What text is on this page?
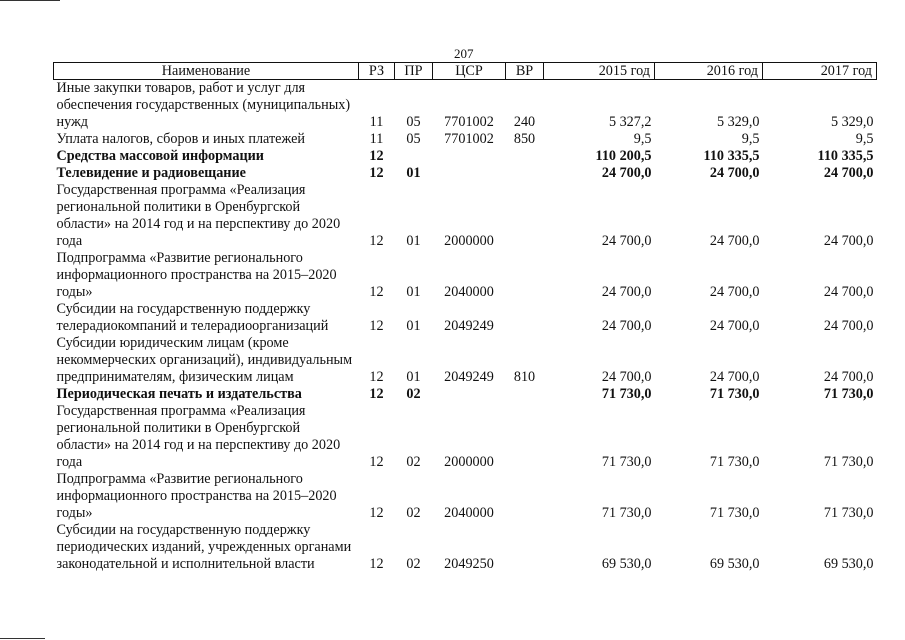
207
Наименование	РЗ	ПР	ЦСР	ВР	2015 год	2016 год	2017 год
Иные закупки товаров, работ и услуг для обеспечения государственных (муниципальных) нужд	11	05	7701002	240	5 327,2	5 329,0	5 329,0
Уплата налогов, сборов и иных платежей	11	05	7701002	850	9,5	9,5	9,5
Средства массовой информации	12				110 200,5	110 335,5	110 335,5
Телевидение и радиовещание	12	01			24 700,0	24 700,0	24 700,0
Государственная программа «Реализация региональной политики в Оренбургской области» на 2014 год и на перспективу до 2020 года	12	01	2000000		24 700,0	24 700,0	24 700,0
Подпрограмма «Развитие регионального информационного пространства на 2015–2020 годы»	12	01	2040000		24 700,0	24 700,0	24 700,0
Субсидии на государственную поддержку телерадиокомпаний и телерадиоорганизаций	12	01	2049249		24 700,0	24 700,0	24 700,0
Субсидии юридическим лицам (кроме некоммерческих организаций), индивидуальным предпринимателям, физическим лицам	12	01	2049249	810	24 700,0	24 700,0	24 700,0
Периодическая печать и издательства	12	02			71 730,0	71 730,0	71 730,0
Государственная программа «Реализация региональной политики в Оренбургской области» на 2014 год и на перспективу до 2020 года	12	02	2000000		71 730,0	71 730,0	71 730,0
Подпрограмма «Развитие регионального информационного пространства на 2015–2020 годы»	12	02	2040000		71 730,0	71 730,0	71 730,0
Субсидии на государственную поддержку периодических изданий, учрежденных органами законодательной и исполнительной власти	12	02	2049250		69 530,0	69 530,0	69 530,0
